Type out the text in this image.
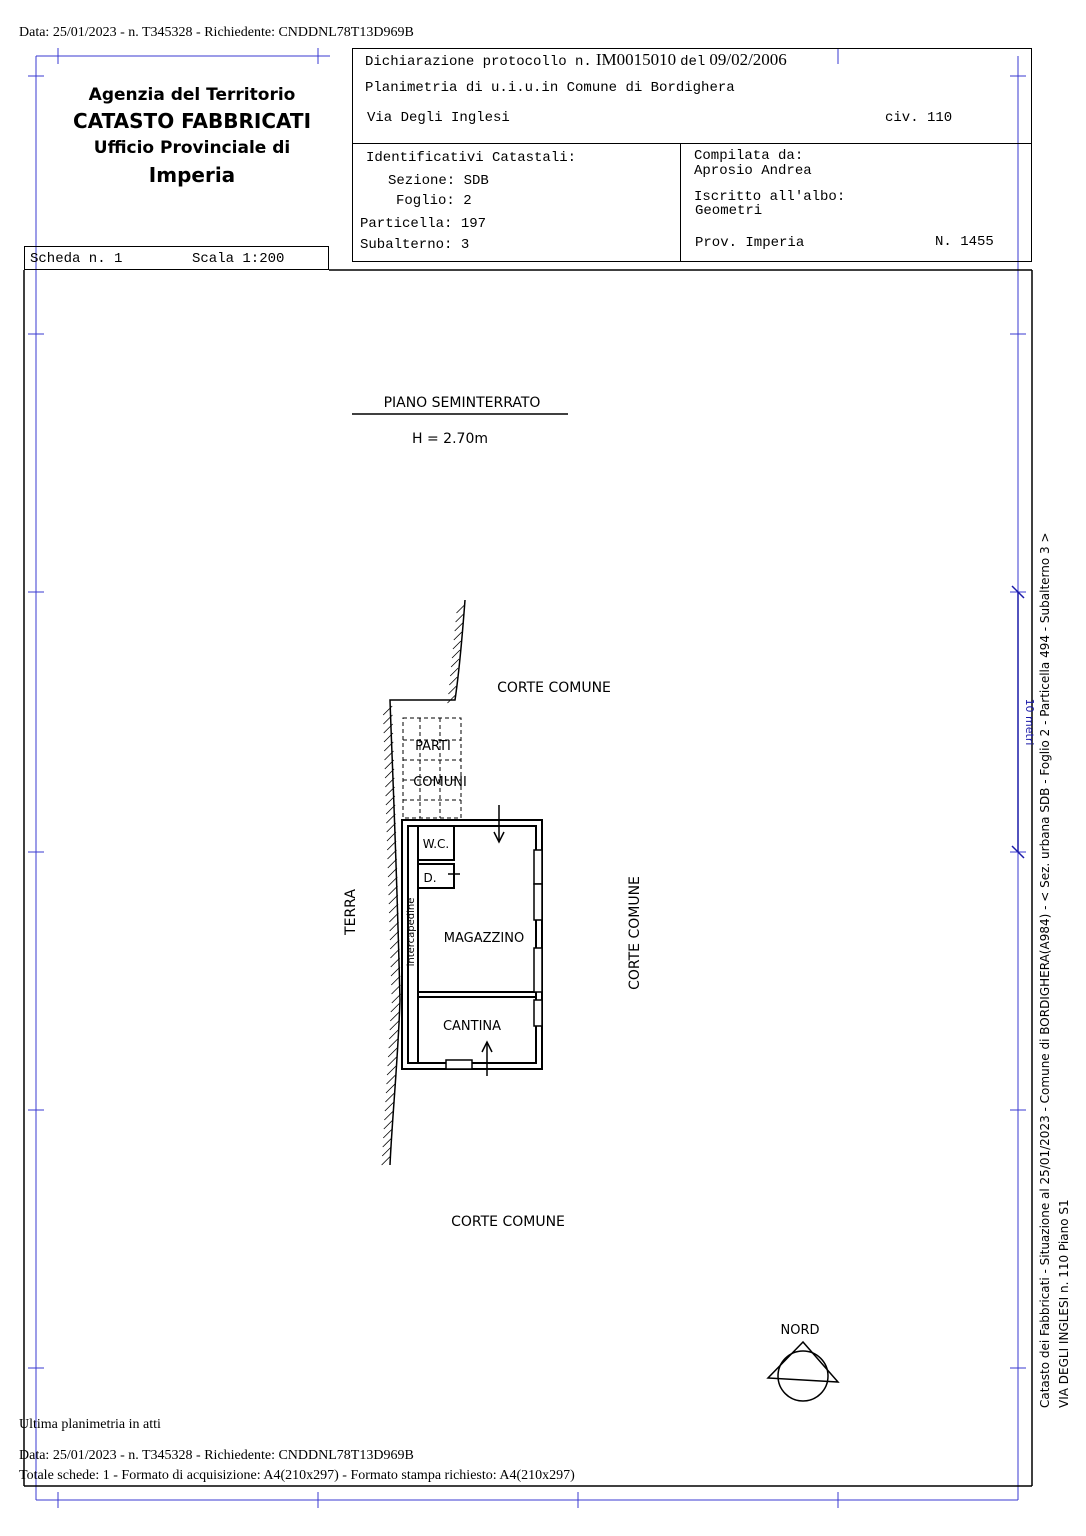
Data: 25/01/2023 - n. T345328 - Richiedente: CNDDNL78T13D969B
Agenzia del Territorio
CATASTO FABBRICATI
Ufficio Provinciale di
Imperia
Dichiarazione protocollo n. IM0015010 del 09/02/2006
Planimetria di u.i.u.in Comune di Bordighera
Via Degli Inglesi	civ. 110
Identificativi Catastali:
Sezione: SDB
Foglio: 2
Particella: 197
Subalterno: 3
Compilata da:
Aprosio Andrea
Iscritto all'albo:
Geometri
Prov. Imperia	N. 1455
Scheda n. 1	Scala 1:200
PIANO SEMINTERRATO
H = 2.70m
CORTE COMUNE
CORTE COMUNE
CORTE COMUNE
TERRA
PARTI
COMUNI
W.C.
D.
intercapedine MAGAZZINO
CANTINA
NORD
10 metri Catasto dei Fabbricati - Situazione al 25/01/2023 - Comune di BORDIGHERA(A984) - < Sez. urbana SDB - Foglio 2 - Particella 494 - Subalterno 3 > VIA DEGLI INGLESI n. 110 Piano S1
Ultima planimetria in atti
Data: 25/01/2023 - n. T345328 - Richiedente: CNDDNL78T13D969B
Totale schede: 1 - Formato di acquisizione: A4(210x297) - Formato stampa richiesto: A4(210x297)
